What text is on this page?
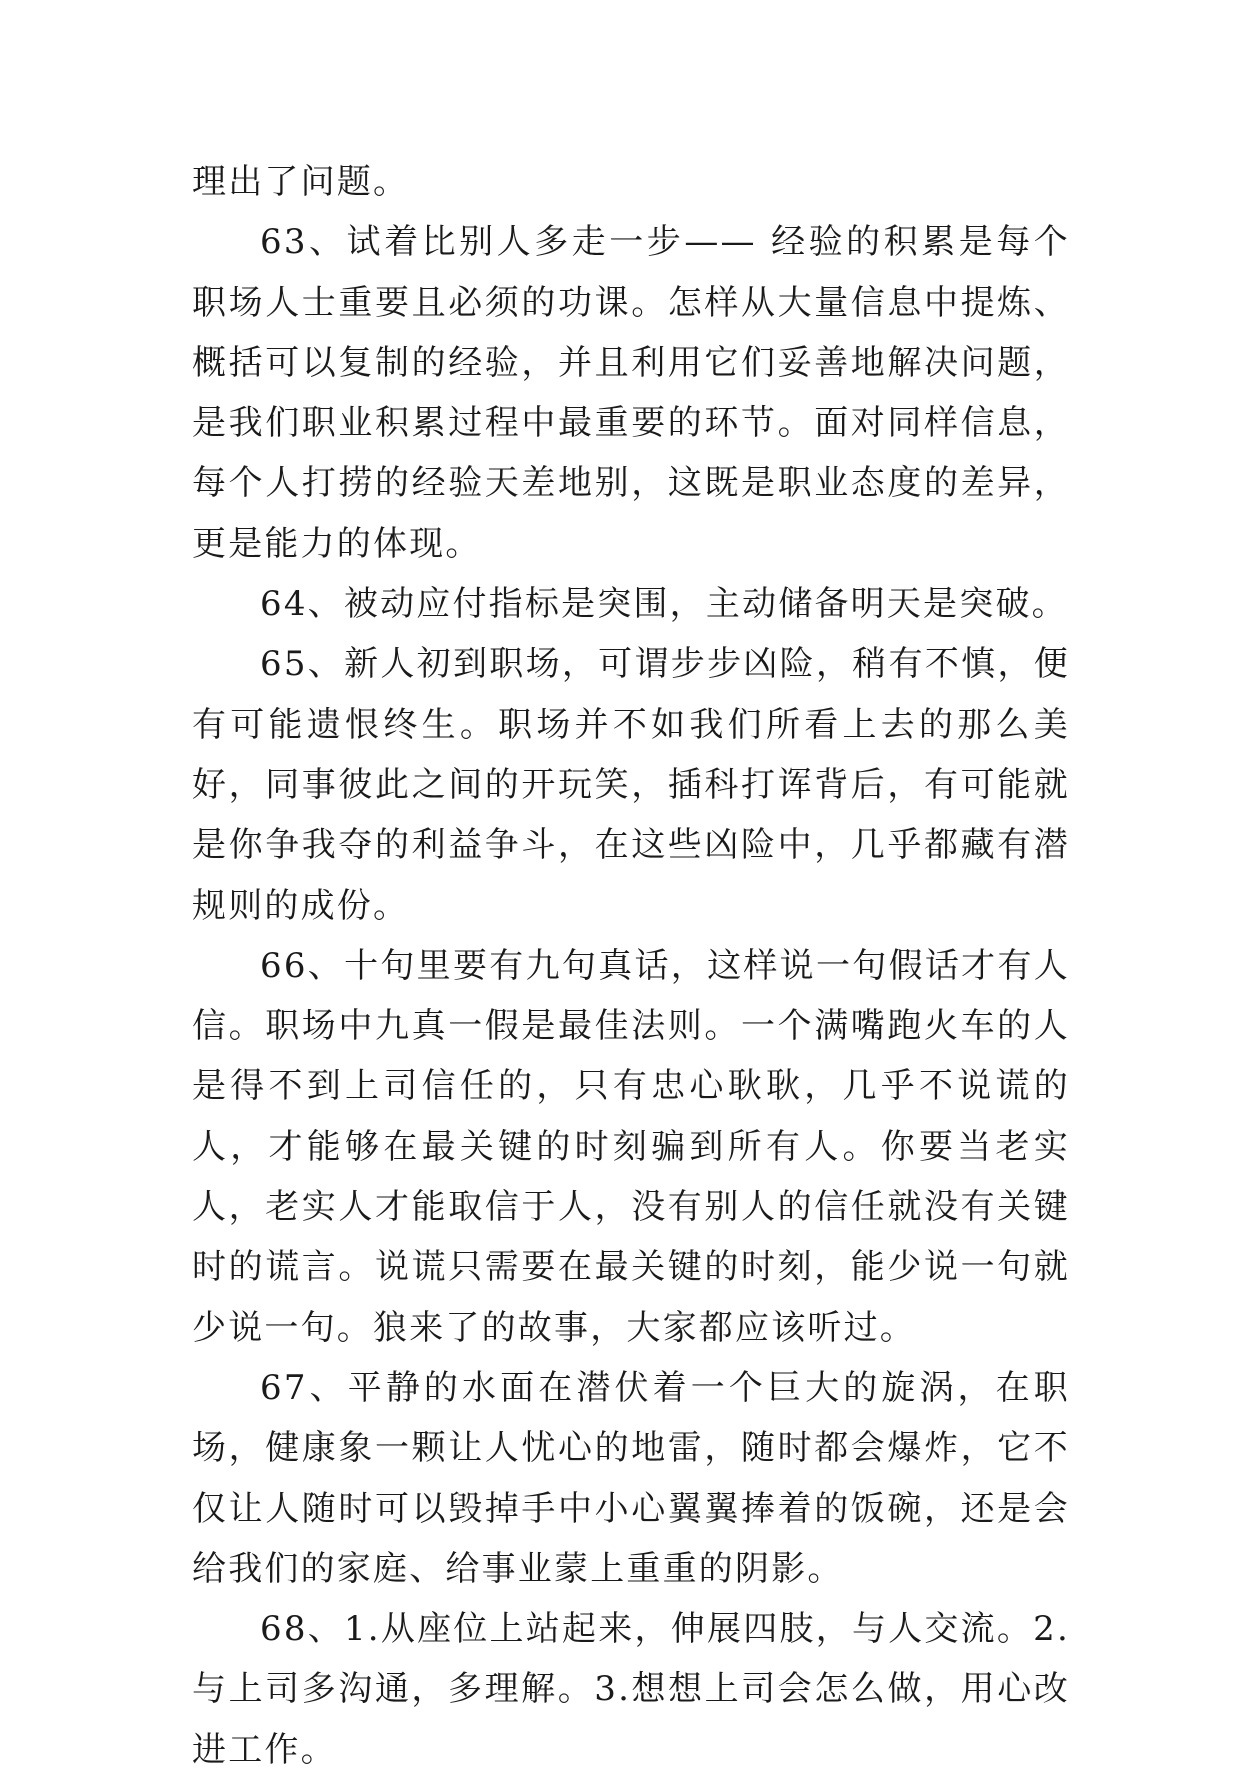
理出了问题。

63、试着比别人多走一步—— 经验的积累是每个职场人士重要且必须的功课。怎样从大量信息中提炼、概括可以复制的经验，并且利用它们妥善地解决问题，是我们职业积累过程中最重要的环节。面对同样信息，每个人打捞的经验天差地别，这既是职业态度的差异，更是能力的体现。

64、被动应付指标是突围，主动储备明天是突破。

65、新人初到职场，可谓步步凶险，稍有不慎，便有可能遗恨终生。职场并不如我们所看上去的那么美好，同事彼此之间的开玩笑，插科打诨背后，有可能就是你争我夺的利益争斗，在这些凶险中，几乎都藏有潜规则的成份。

66、十句里要有九句真话，这样说一句假话才有人信。职场中九真一假是最佳法则。一个满嘴跑火车的人是得不到上司信任的，只有忠心耿耿，几乎不说谎的人，才能够在最关键的时刻骗到所有人。你要当老实人，老实人才能取信于人，没有别人的信任就没有关键时的谎言。说谎只需要在最关键的时刻，能少说一句就少说一句。狼来了的故事，大家都应该听过。

67、平静的水面在潜伏着一个巨大的旋涡，在职场，健康象一颗让人忧心的地雷，随时都会爆炸，它不仅让人随时可以毁掉手中小心翼翼捧着的饭碗，还是会给我们的家庭、给事业蒙上重重的阴影。

68、1.从座位上站起来，伸展四肢，与人交流。2.与上司多沟通，多理解。3.想想上司会怎么做，用心改进工作。
